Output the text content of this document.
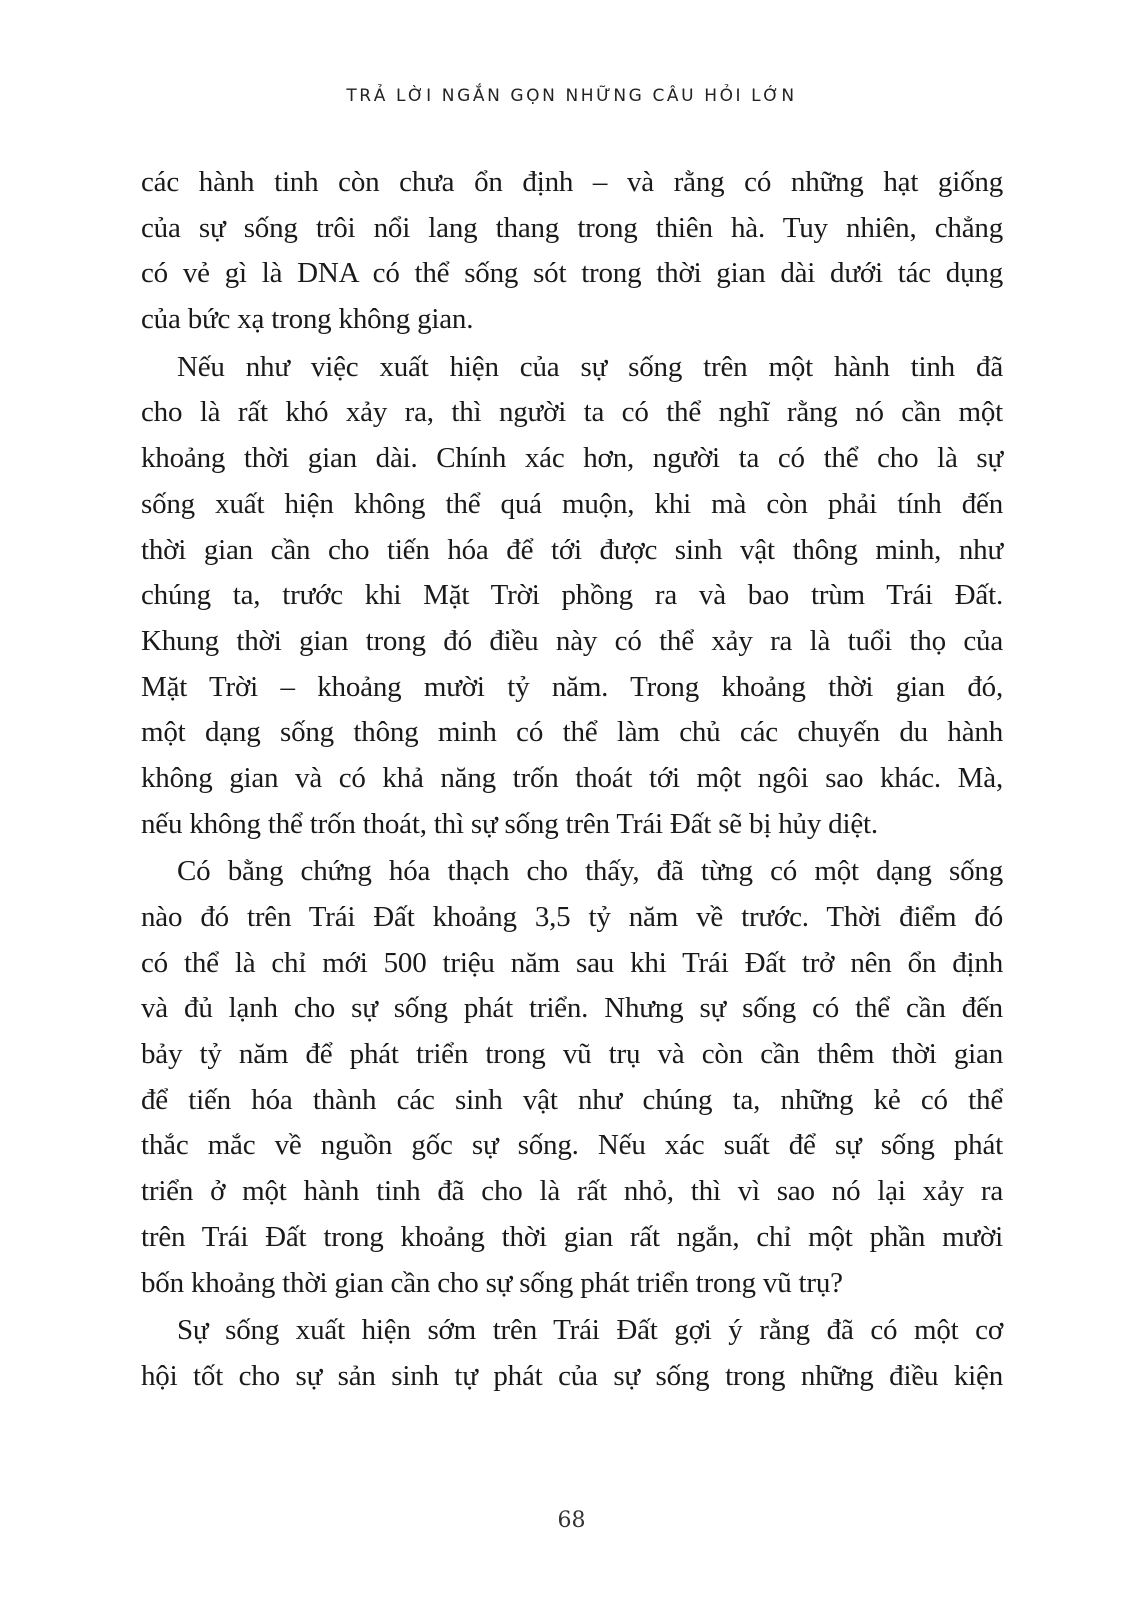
TRẢ LỜI NGẮN GỌN NHỮNG CÂU HỎI LỚN
các hành tinh còn chưa ổn định – và rằng có những hạt giống
của sự sống trôi nổi lang thang trong thiên hà. Tuy nhiên, chẳng
có vẻ gì là DNA có thể sống sót trong thời gian dài dưới tác dụng
của bức xạ trong không gian.
Nếu như việc xuất hiện của sự sống trên một hành tinh đã
cho là rất khó xảy ra, thì người ta có thể nghĩ rằng nó cần một
khoảng thời gian dài. Chính xác hơn, người ta có thể cho là sự
sống xuất hiện không thể quá muộn, khi mà còn phải tính đến
thời gian cần cho tiến hóa để tới được sinh vật thông minh, như
chúng ta, trước khi Mặt Trời phồng ra và bao trùm Trái Đất.
Khung thời gian trong đó điều này có thể xảy ra là tuổi thọ của
Mặt Trời – khoảng mười tỷ năm. Trong khoảng thời gian đó,
một dạng sống thông minh có thể làm chủ các chuyến du hành
không gian và có khả năng trốn thoát tới một ngôi sao khác. Mà,
nếu không thể trốn thoát, thì sự sống trên Trái Đất sẽ bị hủy diệt.
Có bằng chứng hóa thạch cho thấy, đã từng có một dạng sống
nào đó trên Trái Đất khoảng 3,5 tỷ năm về trước. Thời điểm đó
có thể là chỉ mới 500 triệu năm sau khi Trái Đất trở nên ổn định
và đủ lạnh cho sự sống phát triển. Nhưng sự sống có thể cần đến
bảy tỷ năm để phát triển trong vũ trụ và còn cần thêm thời gian
để tiến hóa thành các sinh vật như chúng ta, những kẻ có thể
thắc mắc về nguồn gốc sự sống. Nếu xác suất để sự sống phát
triển ở một hành tinh đã cho là rất nhỏ, thì vì sao nó lại xảy ra
trên Trái Đất trong khoảng thời gian rất ngắn, chỉ một phần mười
bốn khoảng thời gian cần cho sự sống phát triển trong vũ trụ?
Sự sống xuất hiện sớm trên Trái Đất gợi ý rằng đã có một cơ
hội tốt cho sự sản sinh tự phát của sự sống trong những điều kiện
68
